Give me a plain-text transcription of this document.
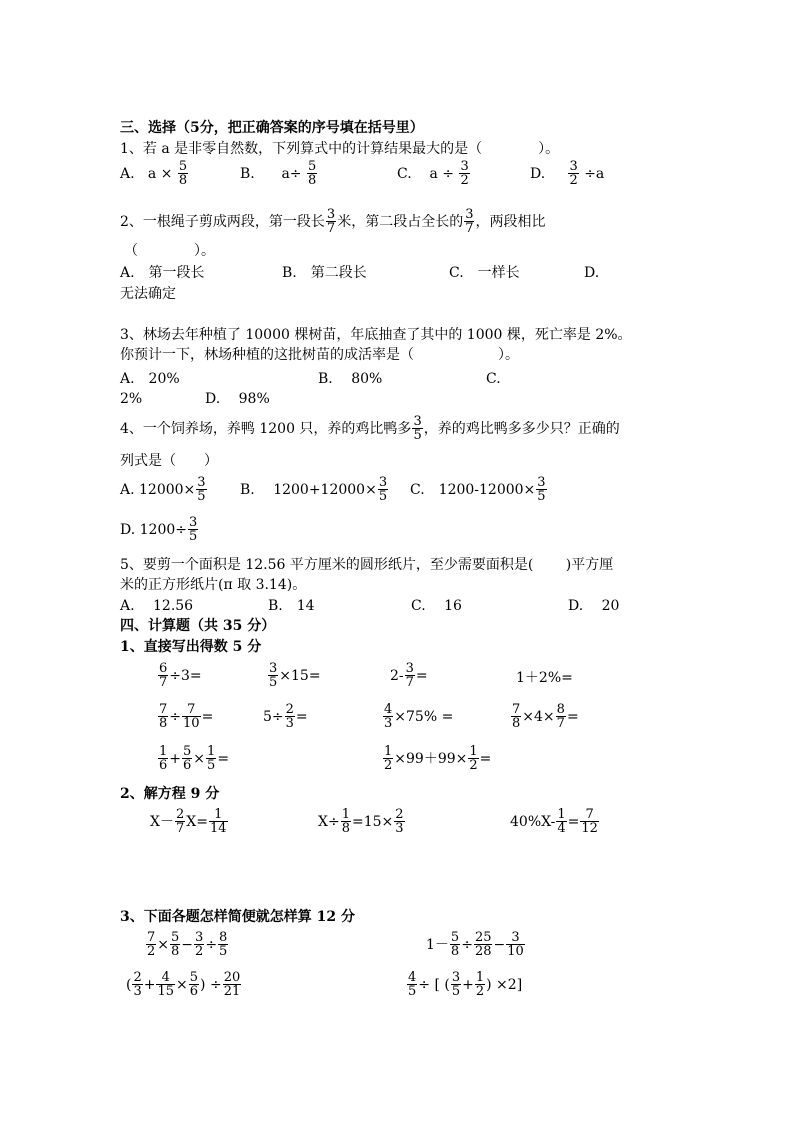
三、选择（5分，把正确答案的序号填在括号里）
1、若 a 是非零自然数，下列算式中的计算结果最大的是（　　　　）。
A. $a \times \frac{5}{8}$	B. $a\div \frac{5}{8}$	C. $a \div \frac{3}{2}$	D. $\frac{3}{2} \div a$
2、一根绳子剪成两段，第一段长 $\frac{3}{7}$ 米，第二段占全长的 $\frac{3}{7}$ ，两段相比
（　　　　）。
A.　第一段长	B.　第二段长	C.　一样长	D.
无法确定
3、林场去年种植了 10000 棵树苗，年底抽查了其中的 1000 棵，死亡率是 2%。
你预计一下，林场种植的这批树苗的成活率是（　　　　　　）。
A.　20%	B.　 80%	C.
2%	D.　 98%
4、一个饲养场，养鸭 1200 只，养的鸡比鸭多 $\frac{3}{5}$ ，养的鸡比鸭多多少只？正确的
列式是（　　）
A. $12000\times \frac{3}{5} B$.　 $1200+12000\times \frac{3}{5} C$.　$1200-12000\times \frac{3}{5}$
D. $1200\div \frac{3}{5}$
5、要剪一个面积是 12.56 平方厘米的圆形纸片，至少需要面积是(　　 )平方厘
米的正方形纸片(π 取 3.14)。
A.　 12.56	B.　14	C.　 16	D.　 20
四、计算题（共 35 分）
1、直接写出得数 5 分
$\frac{6}{7} \div 3=$	$\frac{3}{5} \times 15=$	$2- \frac{3}{7}$ =	1＋2%=
$\frac{7}{8} \div \frac{7}{10}$ =	$5\div \frac{2}{3}$ =	$\frac{4}{3} \times 75\%$ =	$\frac{7}{8} \times 4\times \frac{8}{7}$ =
$\frac{1}{6} + \frac{5}{6} \times \frac{1}{5}$ =	$\frac{1}{2} \times 99+99\times \frac{1}{2}$ =
2、解方程 9 分
$X- \frac{2}{7} X= \frac{1}{14}$	$X\div \frac{1}{8} =15\times \frac{2}{3}$	$40\%X- \frac{1}{4} = \frac{7}{12}$
3、下面各题怎样简便就怎样算 12 分
$\frac{7}{2} \times \frac{5}{8} - \frac{3}{2} \div \frac{8}{5}$	$1- \frac{5}{8} \div \frac{25}{28} - \frac{3}{10}$
( $\frac{2}{3} + \frac{4}{15} \times \frac{5}{6}$ ) ÷ $\frac{20}{21}$	$\frac{4}{5}$ ÷ [ ( $\frac{3}{5} + \frac{1}{2}$ ) ×2]
